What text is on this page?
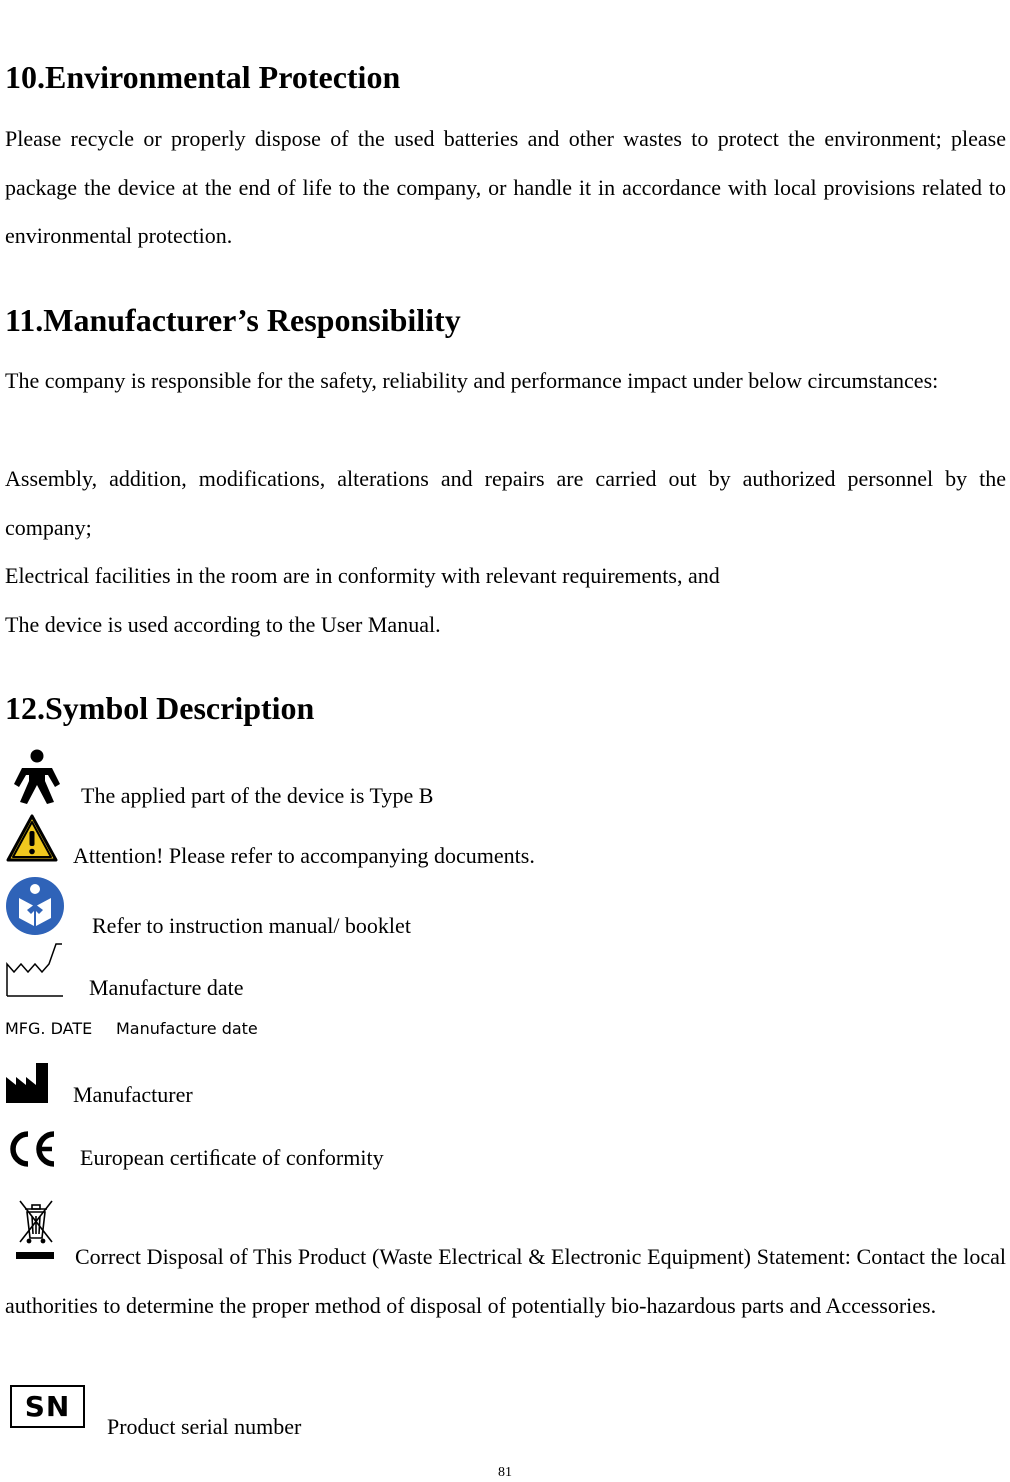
10.Environmental Protection

Please recycle or properly dispose of the used batteries and other wastes to protect the environment; please package the device at the end of life to the company, or handle it in accordance with local provisions related to environmental protection.

11.Manufacturer’s Responsibility

The company is responsible for the safety, reliability and performance impact under below circumstances:

Assembly, addition, modifications, alterations and repairs are carried out by authorized personnel by the company;

Electrical facilities in the room are in conformity with relevant requirements, and

The device is used according to the User Manual.

12.Symbol Description
The applied part of the device is Type B
Attention! Please refer to accompanying documents.
Refer to instruction manual/ booklet
Manufacture date
MFG. DATE Manufacture date
Manufacturer
European certiﬁcate of conformity

Correct Disposal of This Product (Waste Electrical & Electronic Equipment) Statement: Contact the local authorities to determine the proper method of disposal of potentially bio-hazardous parts and Accessories.

SN
Product serial number
81
